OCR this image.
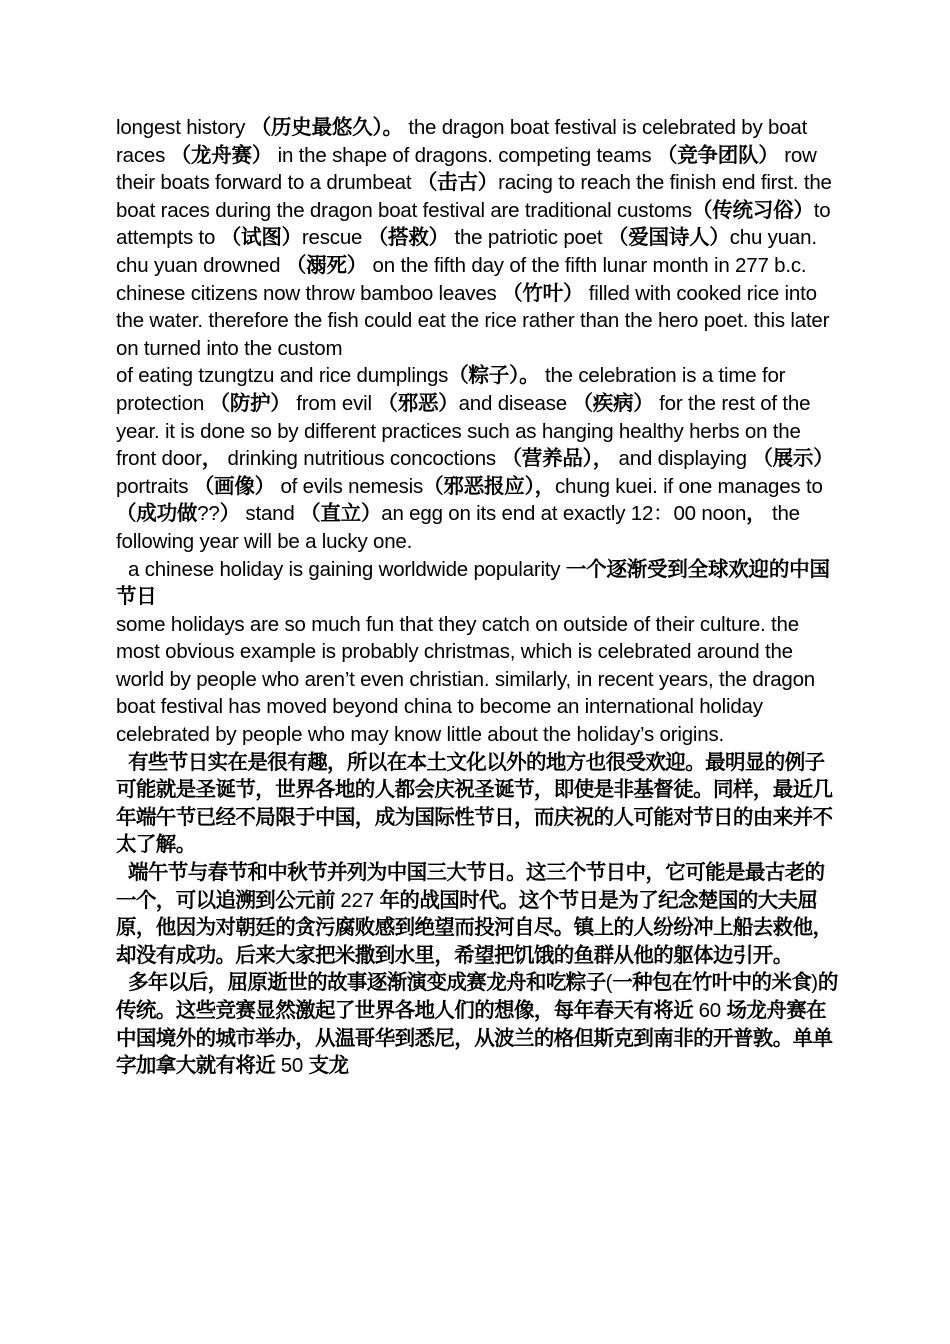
longest history （历史最悠久）。 the dragon boat festival is celebrated by boat races （龙舟赛） in the shape of dragons. competing teams （竞争团队） row their boats forward to a drumbeat （击古）racing to reach the finish end first. the boat races during the dragon boat festival are traditional customs（传统习俗）to attempts to （试图）rescue （搭救） the patriotic poet （爱国诗人）chu yuan. chu yuan drowned （溺死） on the fifth day of the fifth lunar month in 277 b.c. chinese citizens now throw bamboo leaves （竹叶） filled with cooked rice into the water. therefore the fish could eat the rice rather than the hero poet. this later on turned into the custom

of eating tzungtzu and rice dumplings（粽子）。 the celebration is a time for protection （防护） from evil （邪恶）and disease （疾病） for the rest of the year. it is done so by different practices such as hanging healthy herbs on the front door， drinking nutritious concoctions （营养品）， and displaying （展示） portraits （画像） of evils nemesis（邪恶报应），chung kuei. if one manages to （成功做??） stand （直立）an egg on its end at exactly 12：00 noon， the following year will be a lucky one.

a chinese holiday is gaining worldwide popularity 一个逐渐受到全球欢迎的中国节日

some holidays are so much fun that they catch on outside of their culture. the most obvious example is probably christmas, which is celebrated around the world by people who aren’t even christian. similarly, in recent years, the dragon boat festival has moved beyond china to become an international holiday celebrated by people who may know little about the holiday’s origins.

有些节日实在是很有趣，所以在本土文化以外的地方也很受欢迎。最明显的例子可能就是圣诞节，世界各地的人都会庆祝圣诞节，即使是非基督徒。同样，最近几年端午节已经不局限于中国，成为国际性节日，而庆祝的人可能对节日的由来并不太了解。

端午节与春节和中秋节并列为中国三大节日。这三个节日中，它可能是最古老的一个，可以追溯到公元前 227 年的战国时代。这个节日是为了纪念楚国的大夫屈原，他因为对朝廷的贪污腐败感到绝望而投河自尽。镇上的人纷纷冲上船去救他，却没有成功。后来大家把米撒到水里，希望把饥饿的鱼群从他的躯体边引开。

多年以后，屈原逝世的故事逐渐演变成赛龙舟和吃粽子(一种包在竹叶中的米食)的传统。这些竞赛显然激起了世界各地人们的想像，每年春天有将近 60 场龙舟赛在中国境外的城市举办，从温哥华到悉尼，从波兰的格但斯克到南非的开普敦。单单字加拿大就有将近 50 支龙
